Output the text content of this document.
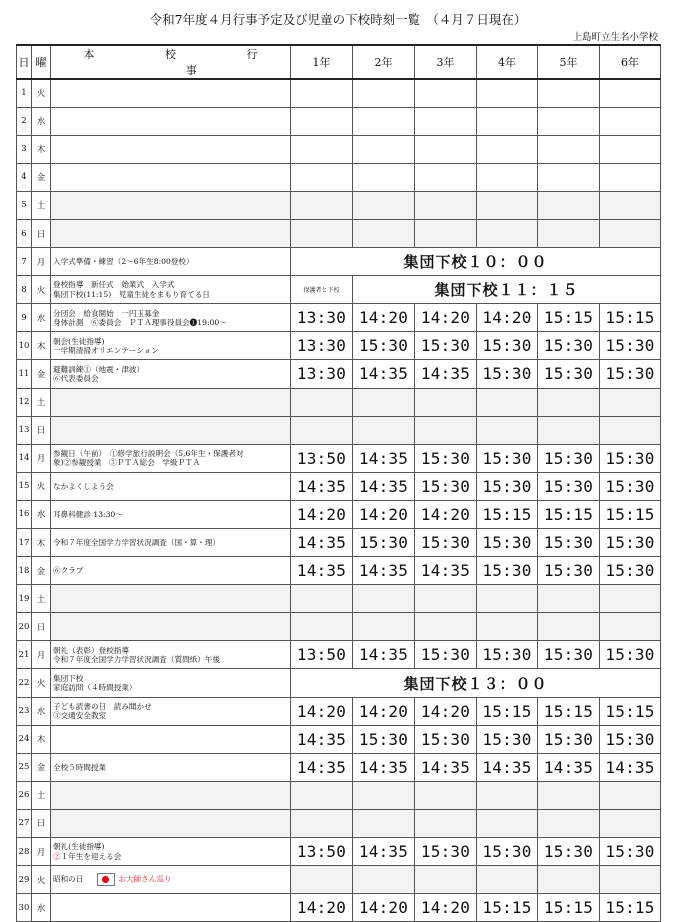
令和7年度４月行事予定及び児童の下校時刻一覧　（４月７日現在）
上島町立生名小学校
日	曜	本 校 行 事	1年	2年	3年	4年	5年	6年
1	火							
2	水							
3	木							
4	金							
5	土							
6	日							
7	月	入学式準備・練習（2～6年生8:00登校）	集団下校１０：００					
8	火	登校指導　新任式　始業式　入学式
集団下校(11:15)　児童生徒をまもり育てる日	保護者と下校	集団下校１１：１５				
9	水	分団会　給食開始　一円玉募金
身体計測　⑥委員会　ＰＴＡ理事役員会❶19:00～	13:30	14:20	14:20	14:20	15:15	15:15
10	木	朝会(生徒指導)
一学期清掃オリエンテーション	13:30	15:30	15:30	15:30	15:30	15:30
11	金	避難訓練①（地震・津波）
⑥代表委員会	13:30	14:35	14:35	15:30	15:30	15:30
12	土							
13	日							
14	月	参観日（午前）　①修学旅行説明会（5,6年生・保護者対
象)②参観授業　③ＰＴＡ総会　学級ＰＴＡ	13:50	14:35	15:30	15:30	15:30	15:30
15	火	なかよくしよう会	14:35	14:35	15:30	15:30	15:30	15:30
16	水	耳鼻科健診 13:30～	14:20	14:20	14:20	15:15	15:15	15:15
17	木	令和７年度全国学力学習状況調査（国・算・理）	14:35	15:30	15:30	15:30	15:30	15:30
18	金	⑥クラブ	14:35	14:35	14:35	15:30	15:30	15:30
19	土							
20	日							
21	月	朝礼（表彰）登校指導
令和７年度全国学力学習状況調査（質問紙）午後	13:50	14:35	15:30	15:30	15:30	15:30
22	火	集団下校
家庭訪問（４時間授業）	集団下校１３：００					
23	水	子ども読書の日　読み聞かせ
③交通安全教室	14:20	14:20	14:20	15:15	15:15	15:15
24	木		14:35	15:30	15:30	15:30	15:30	15:30
25	金	全校５時間授業	14:35	14:35	14:35	14:35	14:35	14:35
26	土							
27	日							
28	月	朝礼(生徒指導)
②１年生を迎える会	13:50	14:35	15:30	15:30	15:30	15:30
29	火	昭和の日 お大師さん巡り						
30	水		14:20	14:20	14:20	15:15	15:15	15:15
